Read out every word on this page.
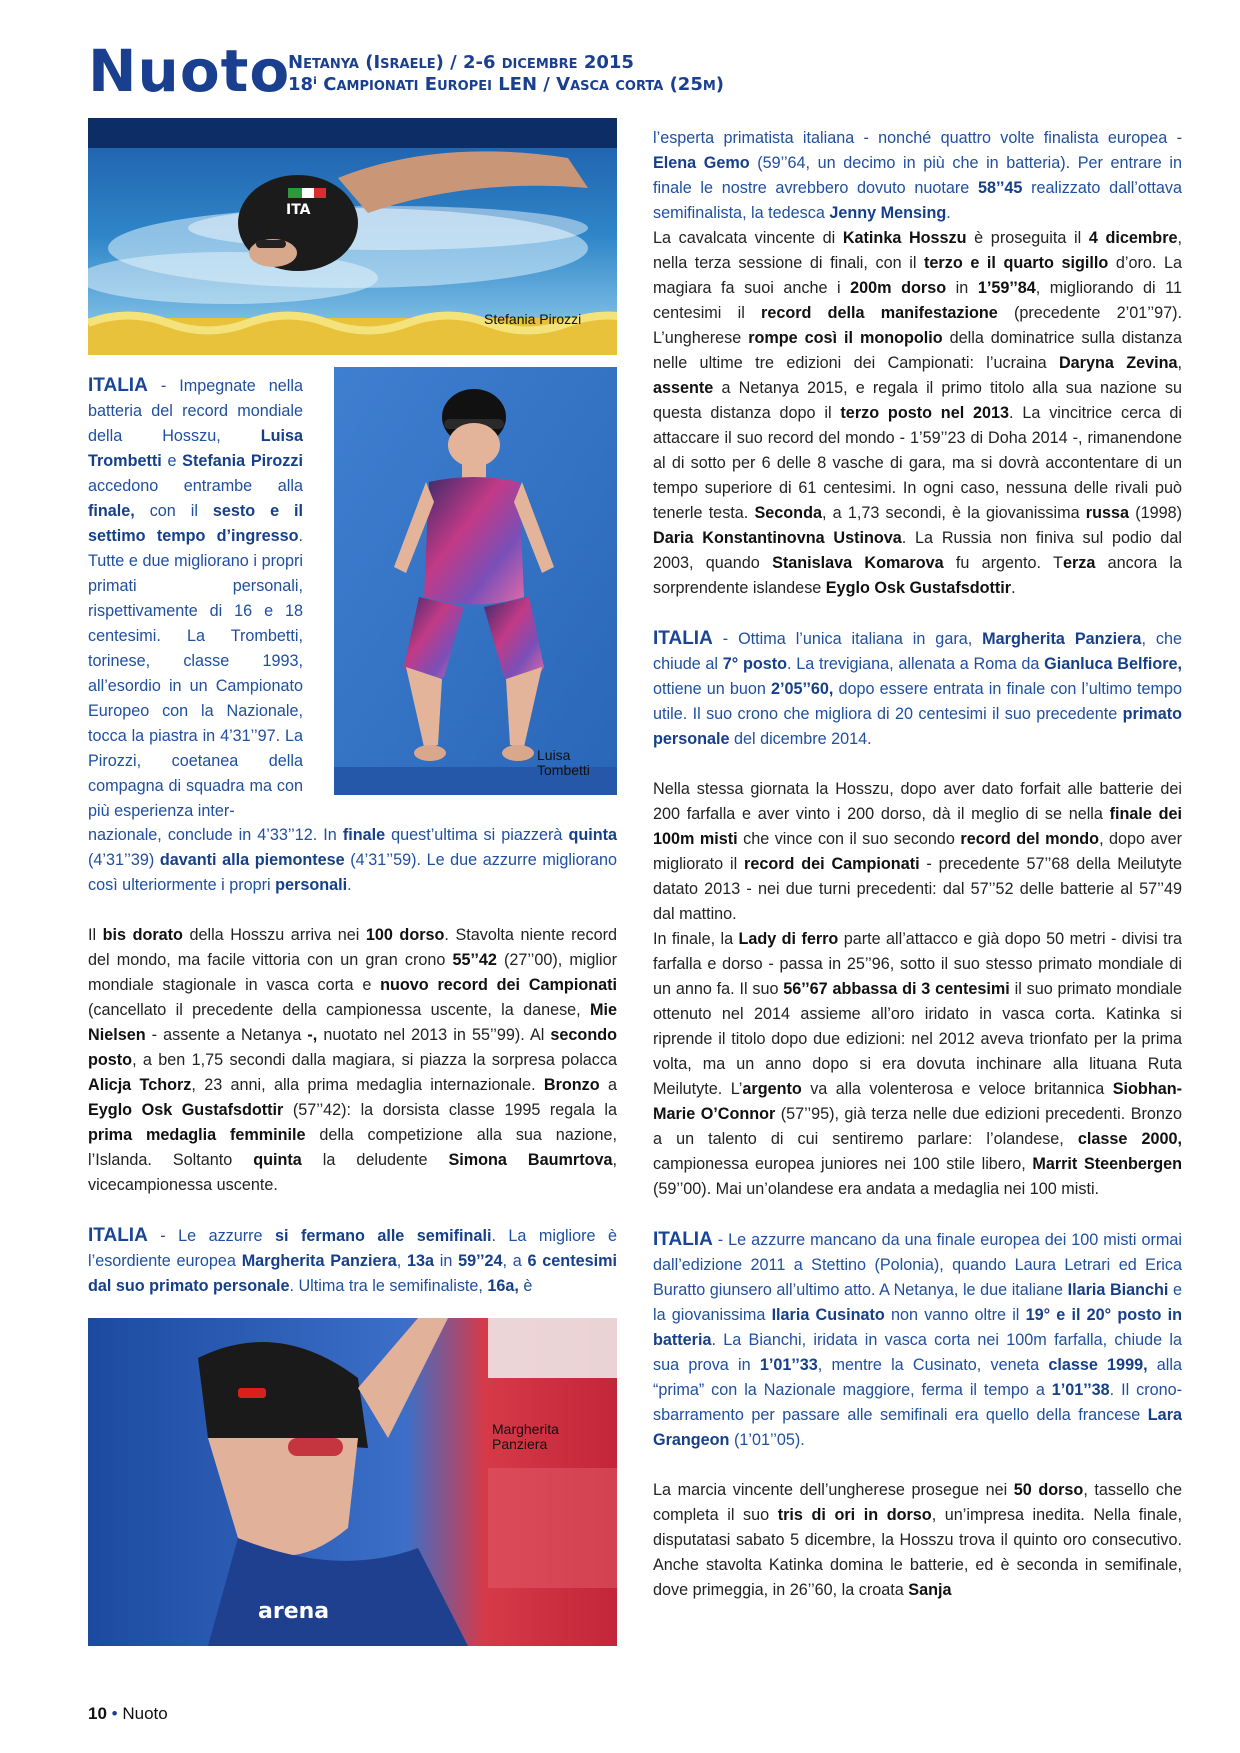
Nuoto
Netanya (Israele) / 2-6 dicembre 2015
18ⁱ Campionati Europei LEN / Vasca corta (25m)
ITA
Stefania Pirozzi
Luisa
Tombetti
arena
Margherita
Panziera

ITALIA - Impegnate nella batteria del record mondiale della Hosszu, Luisa Trombetti e Stefania Pirozzi accedono entrambe alla finale, con il sesto e il settimo tempo d’ingresso. Tutte e due migliorano i propri primati personali, rispettivamente di 16 e 18 centesimi. La Trombetti, torinese, classe 1993, all’esordio in un Campionato Europeo con la Nazionale, tocca la piastra in 4’31’’97. La Pirozzi, coetanea della compagna di squadra ma con più esperienza inter-

nazionale, conclude in 4’33’’12. In finale quest’ultima si piazzerà quinta (4’31’’39) davanti alla piemontese (4’31’’59). Le due azzurre migliorano così ulteriormente i propri personali.

Il bis dorato della Hosszu arriva nei 100 dorso. Stavolta niente record del mondo, ma facile vittoria con un gran crono 55’’42 (27’’00), miglior mondiale stagionale in vasca corta e nuovo record dei Campionati (cancellato il precedente della campionessa uscente, la danese, Mie Nielsen - assente a Netanya -, nuotato nel 2013 in 55’’99). Al secondo posto, a ben 1,75 secondi dalla magiara, si piazza la sorpresa polacca Alicja Tchorz, 23 anni, alla prima medaglia internazionale. Bronzo a Eyglo Osk Gustafsdottir (57’’42): la dorsista classe 1995 regala la prima medaglia femminile della competizione alla sua nazione, l’Islanda. Soltanto quinta la deludente Simona Baumrtova, vicecampionessa uscente.

ITALIA - Le azzurre si fermano alle semifinali. La migliore è l’esordiente europea Margherita Panziera, 13a in 59’’24, a 6 centesimi dal suo primato personale. Ultima tra le semifinaliste, 16a, è

l’esperta primatista italiana - nonché quattro volte finalista europea - Elena Gemo (59’’64, un decimo in più che in batteria). Per entrare in finale le nostre avrebbero dovuto nuotare 58’’45 realizzato dall’ottava semifinalista, la tedesca Jenny Mensing.

La cavalcata vincente di Katinka Hosszu è proseguita il 4 dicembre, nella terza sessione di finali, con il terzo e il quarto sigillo d’oro. La magiara fa suoi anche i 200m dorso in 1’59’’84, migliorando di 11 centesimi il record della manifestazione (precedente 2’01’’97). L’ungherese rompe così il monopolio della dominatrice sulla distanza nelle ultime tre edizioni dei Campionati: l’ucraina Daryna Zevina, assente a Netanya 2015, e regala il primo titolo alla sua nazione su questa distanza dopo il terzo posto nel 2013. La vincitrice cerca di attaccare il suo record del mondo - 1’59’’23 di Doha 2014 -, rimanendone al di sotto per 6 delle 8 vasche di gara, ma si dovrà accontentare di un tempo superiore di 61 centesimi. In ogni caso, nessuna delle rivali può tenerle testa. Seconda, a 1,73 secondi, è la giovanissima russa (1998) Daria Konstantinovna Ustinova. La Russia non finiva sul podio dal 2003, quando Stanislava Komarova fu argento. Terza ancora la sorprendente islandese Eyglo Osk Gustafsdottir.

ITALIA - Ottima l’unica italiana in gara, Margherita Panziera, che chiude al 7° posto. La trevigiana, allenata a Roma da Gianluca Belfiore, ottiene un buon 2’05’’60, dopo essere entrata in finale con l’ultimo tempo utile. Il suo crono che migliora di 20 centesimi il suo precedente primato personale del dicembre 2014.

Nella stessa giornata la Hosszu, dopo aver dato forfait alle batterie dei 200 farfalla e aver vinto i 200 dorso, dà il meglio di se nella finale dei 100m misti che vince con il suo secondo record del mondo, dopo aver migliorato il record dei Campionati - precedente 57’’68 della Meilutyte datato 2013 - nei due turni precedenti: dal 57’’52 delle batterie al 57’’49 dal mattino.

In finale, la Lady di ferro parte all’attacco e già dopo 50 metri - divisi tra farfalla e dorso - passa in 25’’96, sotto il suo stesso primato mondiale di un anno fa. Il suo 56’’67 abbassa di 3 centesimi il suo primato mondiale ottenuto nel 2014 assieme all’oro iridato in vasca corta. Katinka si riprende il titolo dopo due edizioni: nel 2012 aveva trionfato per la prima volta, ma un anno dopo si era dovuta inchinare alla lituana Ruta Meilutyte. L’argento va alla volenterosa e veloce britannica Siobhan-Marie O’Connor (57’’95), già terza nelle due edizioni precedenti. Bronzo a un talento di cui sentiremo parlare: l’olandese, classe 2000, campionessa europea juniores nei 100 stile libero, Marrit Steenbergen (59’’00). Mai un’olandese era andata a medaglia nei 100 misti.

ITALIA - Le azzurre mancano da una finale europea dei 100 misti ormai dall’edizione 2011 a Stettino (Polonia), quando Laura Letrari ed Erica Buratto giunsero all’ultimo atto. A Netanya, le due italiane Ilaria Bianchi e la giovanissima Ilaria Cusinato non vanno oltre il 19° e il 20° posto in batteria. La Bianchi, iridata in vasca corta nei 100m farfalla, chiude la sua prova in 1’01’’33, mentre la Cusinato, veneta classe 1999, alla “prima” con la Nazionale maggiore, ferma il tempo a 1’01’’38. Il crono-sbarramento per passare alle semifinali era quello della francese Lara Grangeon (1’01’’05).

La marcia vincente dell’ungherese prosegue nei 50 dorso, tassello che completa il suo tris di ori in dorso, un’impresa inedita. Nella finale, disputatasi sabato 5 dicembre, la Hosszu trova il quinto oro consecutivo. Anche stavolta Katinka domina le batterie, ed è seconda in semifinale, dove primeggia, in 26’’60, la croata Sanja

10 • Nuoto
